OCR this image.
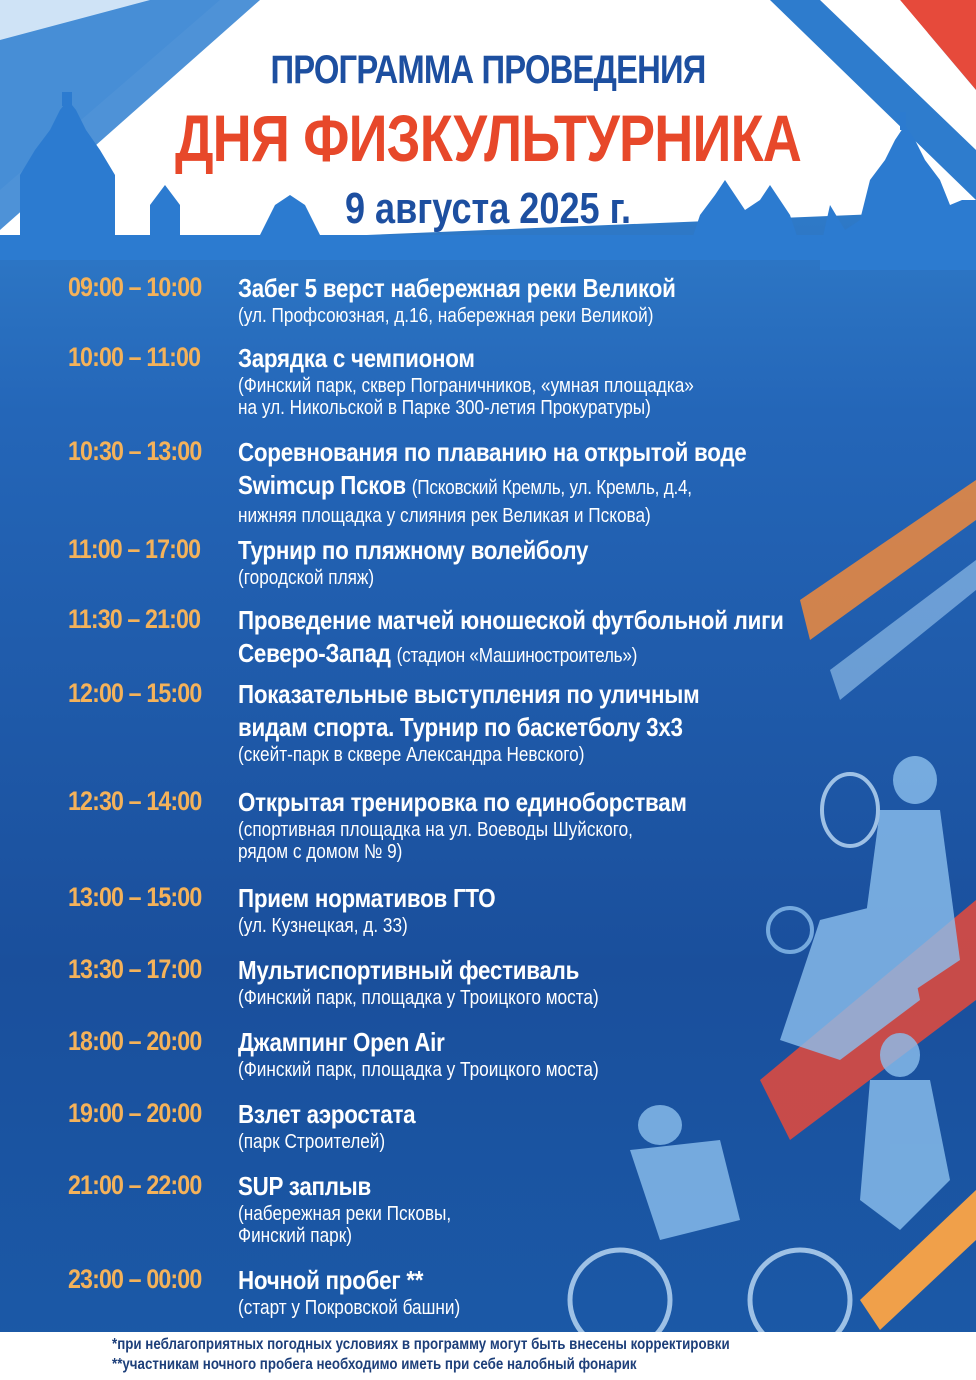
ПРОГРАММА ПРОВЕДЕНИЯ
ДНЯ ФИЗКУЛЬТУРНИКА
9 августа 2025 г.
09:00 – 10:00 Забег 5 верст набережная реки Великой
(ул. Профсоюзная, д.16, набережная реки Великой)
10:00 – 11:00 Зарядка с чемпионом
(Финский парк, сквер Пограничников, «умная площадка»
на ул. Никольской в Парке 300-летия Прокуратуры)
10:30 – 13:00 Соревнования по плаванию на открытой воде
Swimcup Псков (Псковский Кремль, ул. Кремль, д.4,
нижняя площадка у слияния рек Великая и Пскова)
11:00 – 17:00 Турнир по пляжному волейболу
(городской пляж)
11:30 – 21:00 Проведение матчей юношеской футбольной лиги
Северо-Запад (стадион «Машиностроитель»)
12:00 – 15:00 Показательные выступления по уличным
видам спорта. Турнир по баскетболу 3х3
(скейт-парк в сквере Александра Невского)
12:30 – 14:00 Открытая тренировка по единоборствам
(спортивная площадка на ул. Воеводы Шуйского,
рядом с домом № 9)
13:00 – 15:00 Прием нормативов ГТО
(ул. Кузнецкая, д. 33)
13:30 – 17:00 Мультиспортивный фестиваль
(Финский парк, площадка у Троицкого моста)
18:00 – 20:00 Джампинг Open Air
(Финский парк, площадка у Троицкого моста)
19:00 – 20:00 Взлет аэростата
(парк Строителей)
21:00 – 22:00 SUP заплыв
(набережная реки Псковы,
Финский парк)
23:00 – 00:00 Ночной пробег **
(старт у Покровской башни)
*при неблагоприятных погодных условиях в программу могут быть внесены корректировки
**участникам ночного пробега необходимо иметь при себе налобный фонарик
